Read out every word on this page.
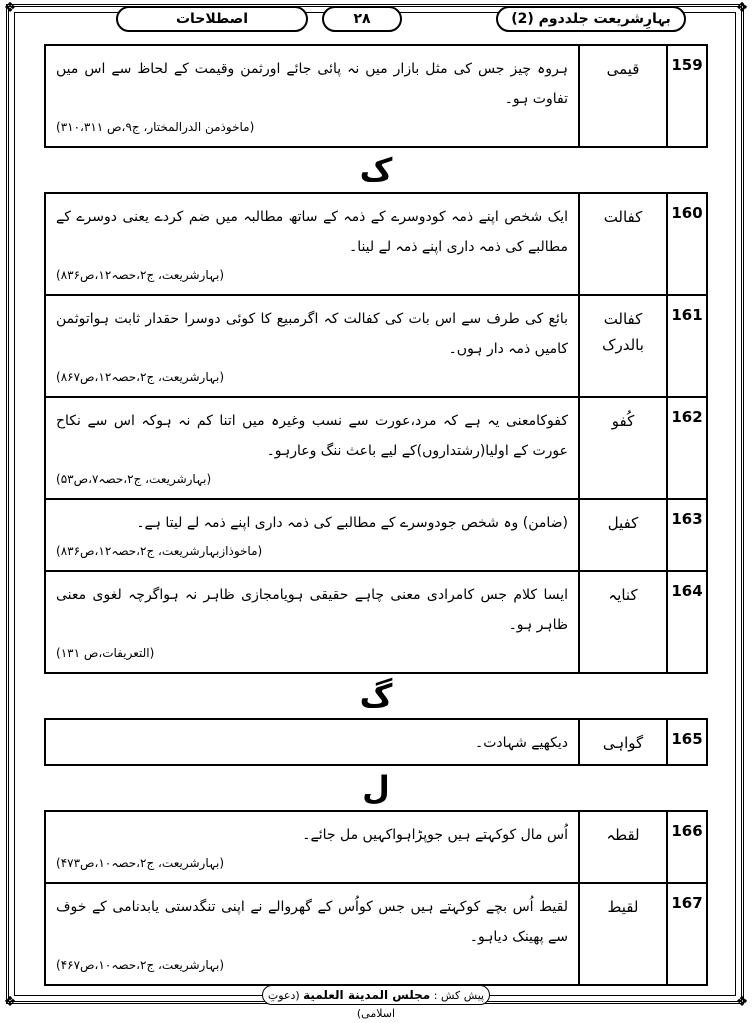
❖	❖
❖	❖
بہارِشریعت جلددوم (2)
۲۸
اصطلاحات
159	قیمی	
ہروہ چیز جس کی مثل بازار میں نہ پائی جائے اورثمن وقیمت کے لحاظ سے اس میں تفاوت ہو۔
(ماخوذمن الدرالمختار، ج۹،ص ۳۱۰،۳۱۱)
ک
160	کفالت	ایک شخص اپنے ذمہ کودوسرے کے ذمہ کے ساتھ مطالبہ میں ضم کردے یعنی دوسرے کے مطالبے کی ذمہ داری اپنے ذمہ لے لینا۔
(بہارشریعت، ج۲،حصہ۱۲،ص۸۳۶)

161	کفالت بالدرک	بائع کی طرف سے اس بات کی کفالت کہ اگرمبیع کا کوئی دوسرا حقدار ثابت ہواتوثمن کامیں ذمہ دار ہوں۔
(بہارشریعت، ج۲،حصہ۱۲،ص۸۶۷)

162	کُفو	کفوکامعنی یہ ہے کہ مرد،عورت سے نسب وغیرہ میں اتنا کم نہ ہوکہ اس سے نکاح عورت کے اولیا(رشتداروں)کے لیے باعث ننگ وعارہو۔
(بہارشریعت، ج۲،حصہ۷،ص۵۳)

163	کفیل	(ضامن) وہ شخص جودوسرے کے مطالبے کی ذمہ داری اپنے ذمہ لے لیتا ہے۔
(ماخوذازبہارشریعت، ج۲،حصہ۱۲،ص۸۳۶)

164	کنایہ	ایسا کلام جس کامرادی معنی چاہے حقیقی ہویامجازی ظاہر نہ ہواگرچہ لغوی معنی ظاہر ہو۔
(التعریفات،ص ۱۳۱)
گ
165	گواہی	
دیکھیے شہادت۔
ل
166	لقطہ	اُس مال کوکہتے ہیں جوپڑاہواکہیں مل جائے۔
(بہارشریعت، ج۲،حصہ۱۰،ص۴۷۳)

167	لقیط	لقیط اُس بچے کوکہتے ہیں جس کواُس کے گھروالے نے اپنی تنگدستی یابدنامی کے خوف سے پھینک دیاہو۔
(بہارشریعت، ج۲،حصہ۱۰،ص۴۶۷)
پیش کش : مجلس المدينة العلمية (دعوتِ اسلامی)
